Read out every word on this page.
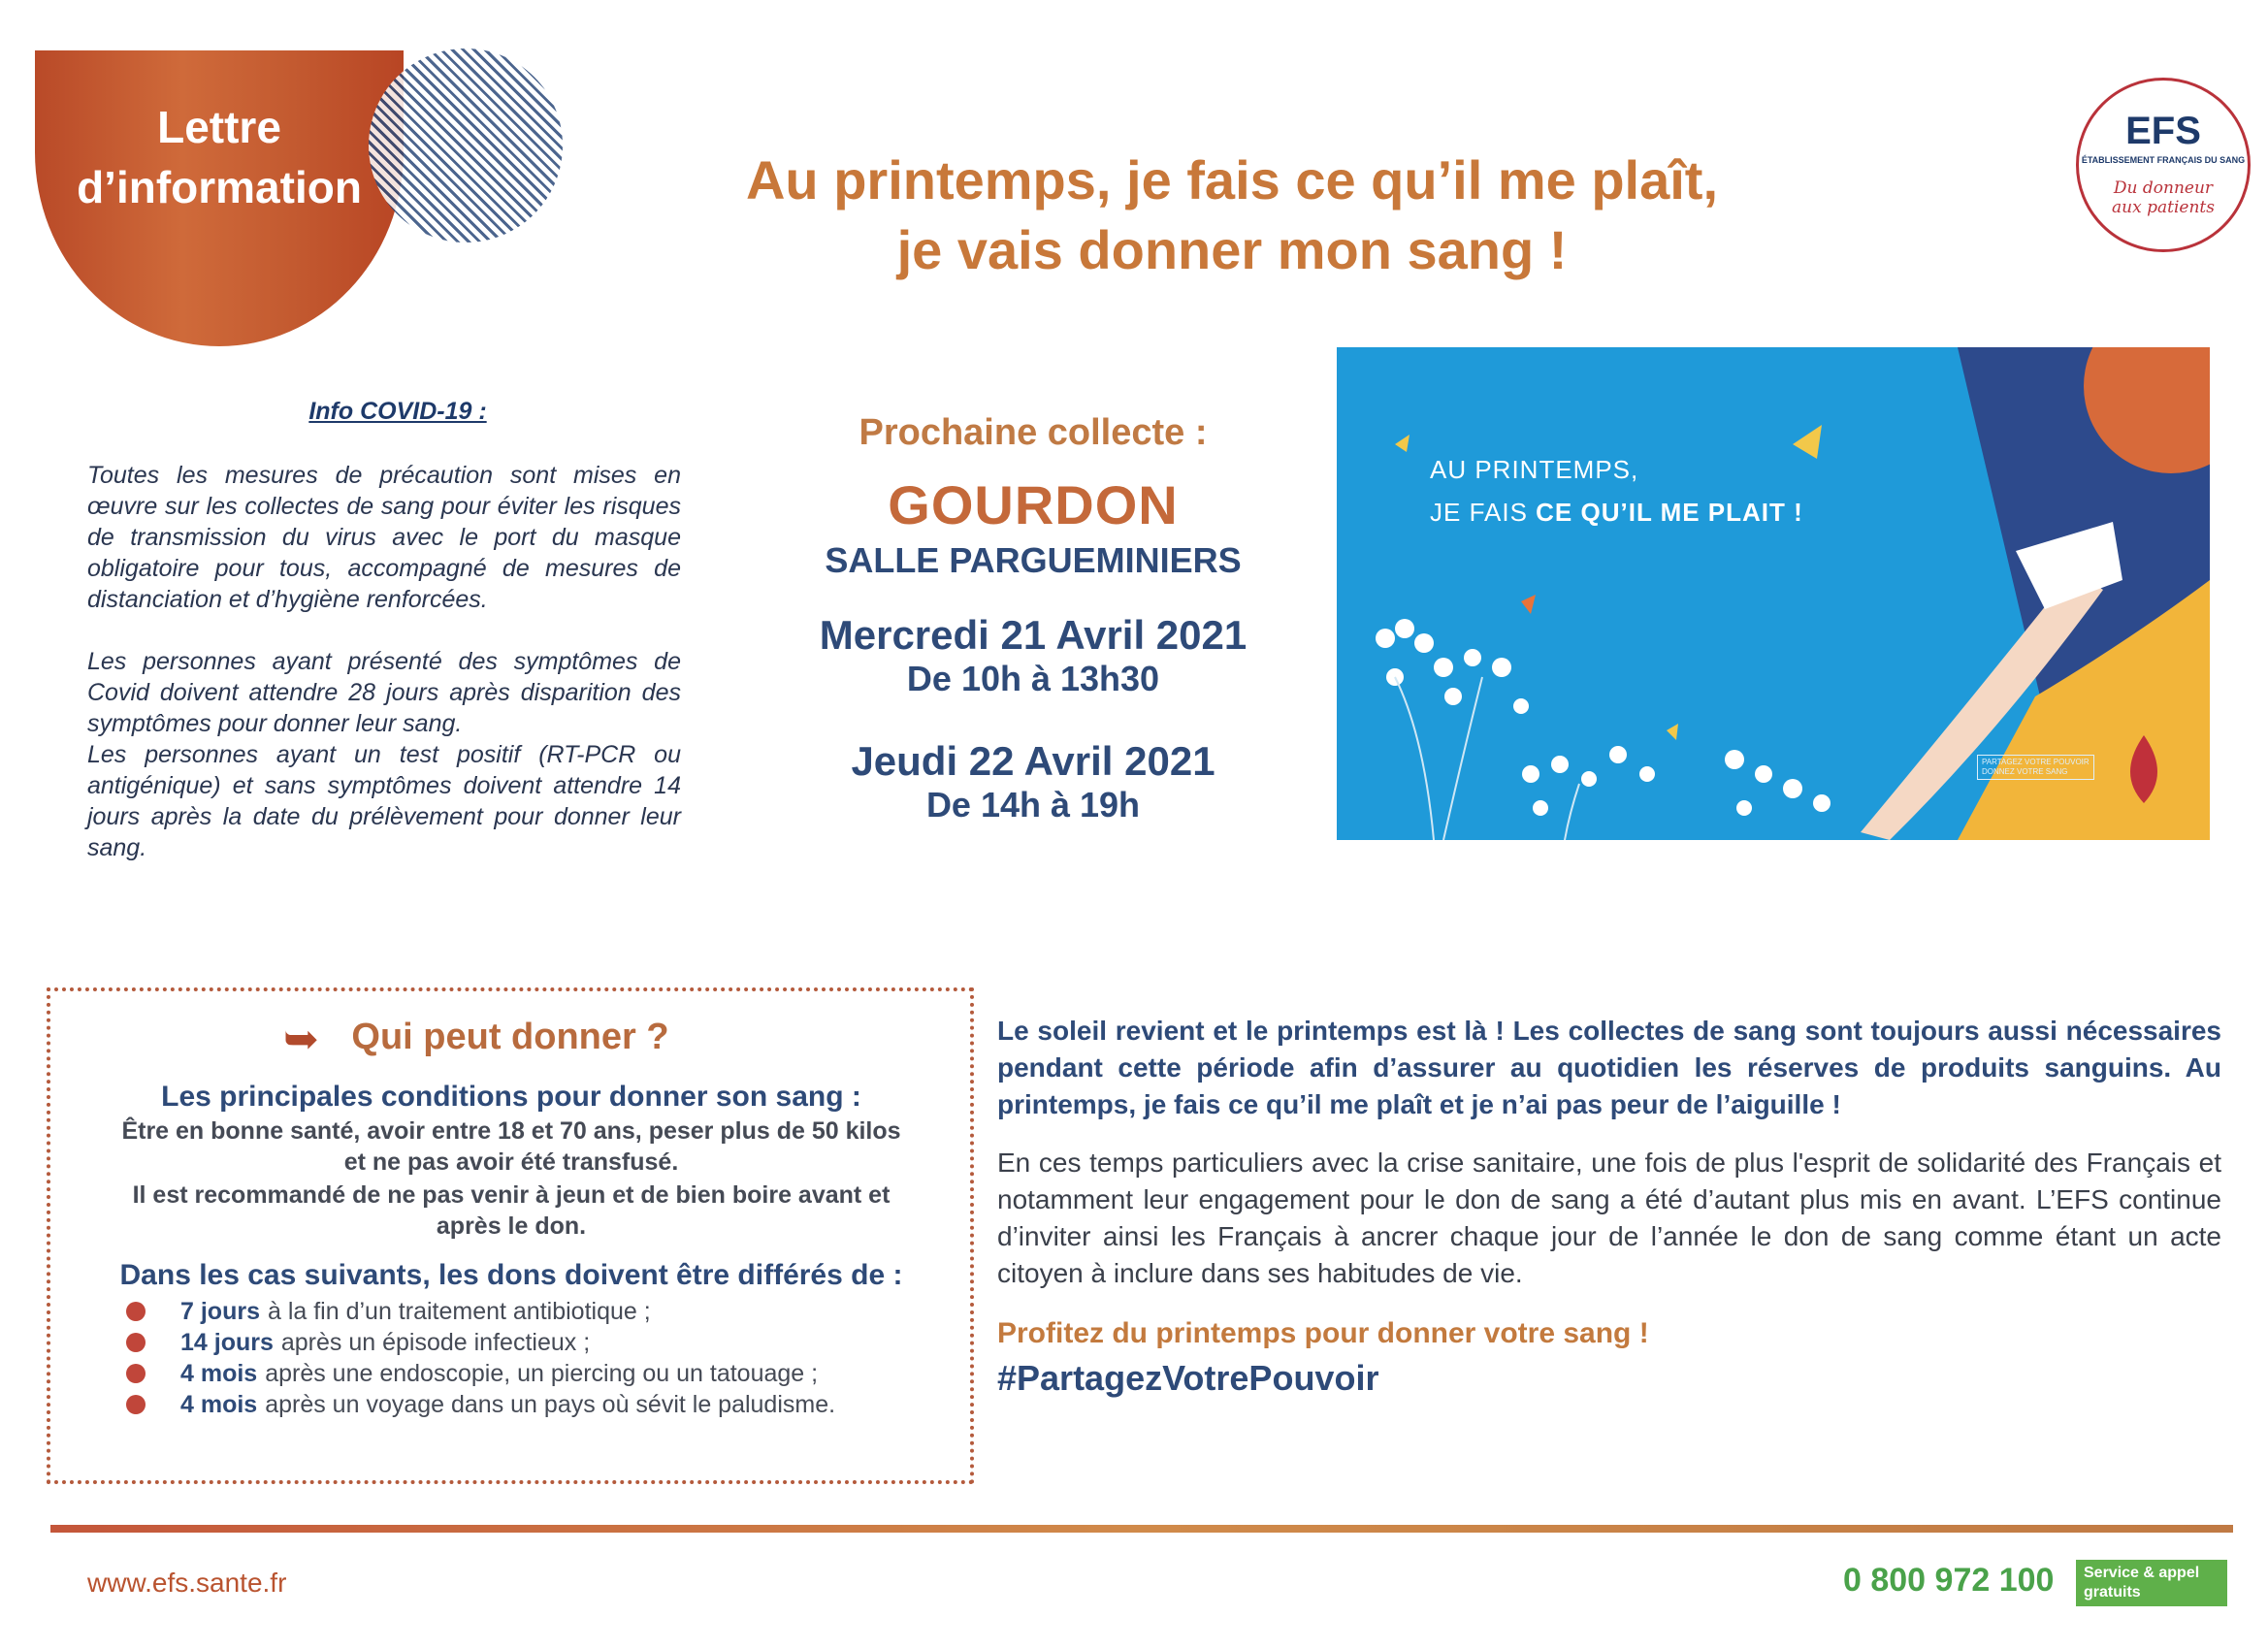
Lettre
d’information	Au printemps, je fais ce qu’il me plaît,
je vais donner mon sang !
EFS
ÉTABLISSEMENT FRANÇAIS DU SANG
Du donneur
aux patients
Info COVID-19 :

Toutes les mesures de précaution sont mises en œuvre sur les collectes de sang pour éviter les risques de transmission du virus avec le port du masque obligatoire pour tous, accompagné de mesures de distanciation et d’hygiène renforcées.

Les personnes ayant présenté des symptômes de Covid doivent attendre 28 jours après disparition des symptômes pour donner leur sang.

Les personnes ayant un test positif (RT-PCR ou antigénique) et sans symptômes doivent attendre 14 jours après la date du prélèvement pour donner leur sang.

Prochaine collecte :
GOURDON
SALLE PARGUEMINIERS
Mercredi 21 Avril 2021
De 10h à 13h30
Jeudi 22 Avril 2021
De 14h à 19h
AU PRINTEMPS,
JE FAIS CE QU’IL ME PLAIT !
PARTAGEZ VOTRE POUVOIR
DONNEZ VOTRE SANG
➥ Qui peut donner ?
Les principales conditions pour donner son sang :
Être en bonne santé, avoir entre 18 et 70 ans, peser plus de 50 kilos et ne pas avoir été transfusé.
Il est recommandé de ne pas venir à jeun et de bien boire avant et après le don.
Dans les cas suivants, les dons doivent être différés de :
7 jours à la fin d’un traitement antibiotique ;
14 jours après un épisode infectieux ;
4 mois après une endoscopie, un piercing ou un tatouage ;
4 mois après un voyage dans un pays où sévit le paludisme.

Le soleil revient et le printemps est là ! Les collectes de sang sont toujours aussi nécessaires pendant cette période afin d’assurer au quotidien les réserves de produits sanguins. Au printemps, je fais ce qu’il me plaît et je n’ai pas peur de l’aiguille !

En ces temps particuliers avec la crise sanitaire, une fois de plus l'esprit de solidarité des Français et notamment leur engagement pour le don de sang a été d’autant plus mis en avant. L’EFS continue d’inviter ainsi les Français à ancrer chaque jour de l’année le don de sang comme étant un acte citoyen à inclure dans ses habitudes de vie.

Profitez du printemps pour donner votre sang !

#PartagezVotrePouvoir

www.efs.sante.fr	0 800 972 100 Service & appel
gratuits
